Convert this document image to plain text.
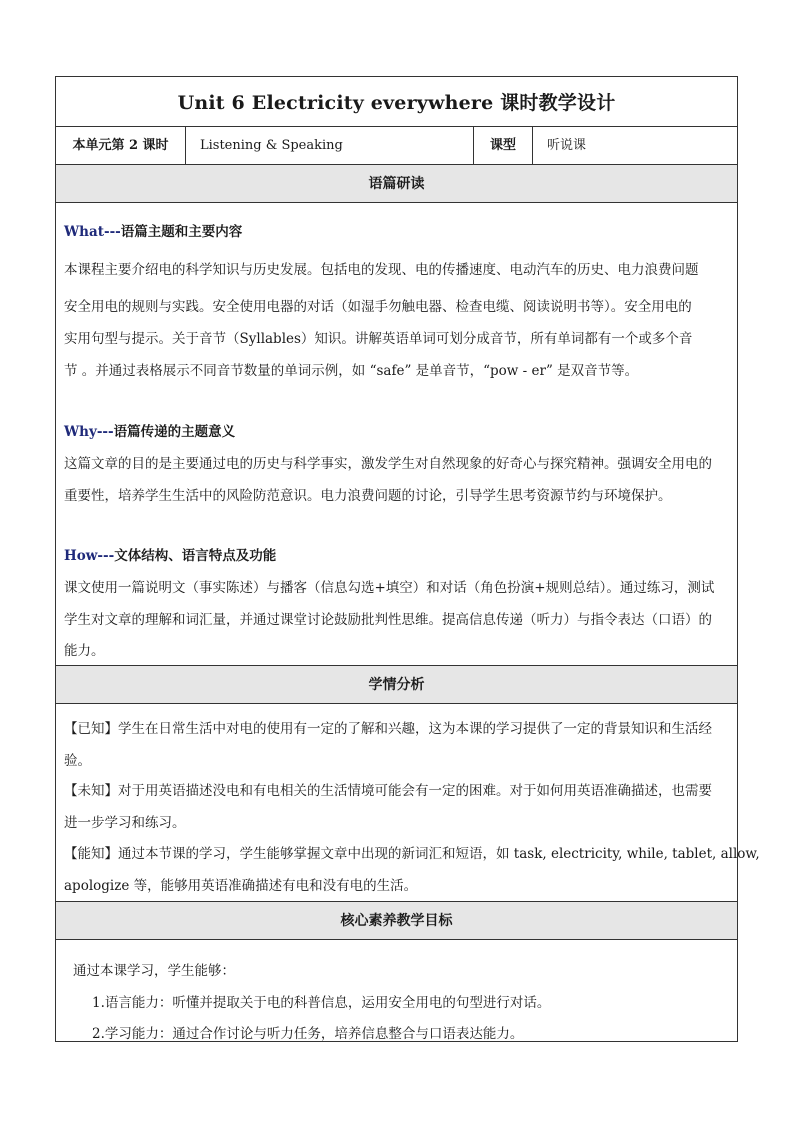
Unit 6 Electricity everywhere 课时教学设计
本单元第 2 课时	Listening & Speaking	课型	听说课
语篇研读

What---语篇主题和主要内容

本课程主要介绍电的科学知识与历史发展。包括电的发现、电的传播速度、电动汽车的历史、电力浪费问题

安全用电的规则与实践。安全使用电器的对话（如湿手勿触电器、检查电缆、阅读说明书等）。安全用电的

实用句型与提示。关于音节（Syllables）知识。讲解英语单词可划分成音节，所有单词都有一个或多个音

节 。并通过表格展示不同音节数量的单词示例，如 “safe” 是单音节，“pow - er” 是双音节等。

Why---语篇传递的主题意义

这篇文章的目的是主要通过电的历史与科学事实，激发学生对自然现象的好奇心与探究精神。强调安全用电的

重要性，培养学生生活中的风险防范意识。电力浪费问题的讨论，引导学生思考资源节约与环境保护。

How---文体结构、语言特点及功能

课文使用一篇说明文（事实陈述）与播客（信息勾选+填空）和对话（角色扮演+规则总结）。通过练习，测试

学生对文章的理解和词汇量，并通过课堂讨论鼓励批判性思维。提高信息传递（听力）与指令表达（口语）的

能力。

学情分析

【已知】学生在日常生活中对电的使用有一定的了解和兴趣，这为本课的学习提供了一定的背景知识和生活经

验。

【未知】对于用英语描述没电和有电相关的生活情境可能会有一定的困难。对于如何用英语准确描述，也需要

进一步学习和练习。

【能知】通过本节课的学习，学生能够掌握文章中出现的新词汇和短语，如 task, electricity, while, tablet, allow,

apologize 等，能够用英语准确描述有电和没有电的生活。

核心素养教学目标
通过本课学习，学生能够：
1.语言能力：听懂并提取关于电的科普信息，运用安全用电的句型进行对话。
2.学习能力：通过合作讨论与听力任务，培养信息整合与口语表达能力。
